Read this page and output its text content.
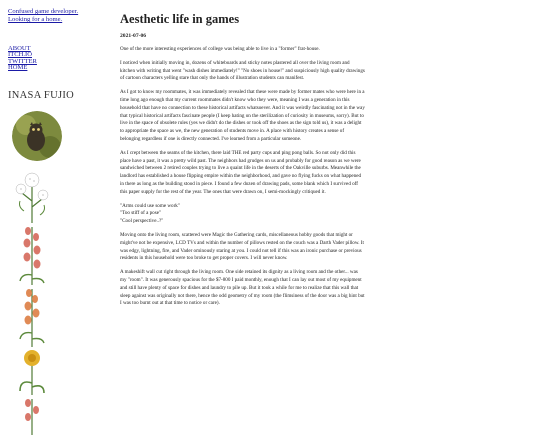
Confused game developer.
Looking for a home.
ABOUT
ITCH.IO
TWITTER
HOME
INASA FUJIO
Aesthetic life in games
2021-07-06

One of the more interesting experiences of college was being able to live in a "former" frat-house.

I noticed when initially moving in, dozens of whiteboards and sticky notes plastered all over the living room and kitchen with writing that went "wash dishes immediately!" "No shoes in house!" and suspiciously high quality drawings of cartoon characters yelling stare that only the hands of illustration students can manifest.

As I got to know my roommates, it was immediately revealed that these were made by former mates who were here in a time long ago enough that my current roommates didn't know who they were, meaning I was a generation in this household that have no connection to these historical artifacts whatsoever. And it was weirdly fascinating not in the way that typical historical artifacts fascinate people (I keep hating on the sterilization of curiosity in museums, sorry). But to live in the space of obsolete rules (yes we didn't do the dishes or took off the shoes as the sign told us), it was a delight to appropriate the space as we, the new generation of students move in. A place with history creates a sense of belonging regardless if one is directly connected. I've learned from a particular someone.

As I crept between the seams of the kitchen, there laid THE red party cups and ping pong balls. So not only did this place have a past, it was a pretty wild past. The neighbors had grudges on us and probably for good reason as we were sandwiched between 2 retired couples trying to live a quaint life in the deserts of the Oakville suburbs. Meanwhile the landlord has established a house flipping empire within the neighborhood, and gave no flying fucks on what happened in there as long as the building stood in piece. I found a few dozen of drawing pads, some blank which I survived off this paper supply for the rest of the year. The ones that were drawn on, I semi-mockingly critiqued it.

"Arms could use some work"
"Too stiff of a pose"
"Cool perspective..?"

Moving onto the living room, scattered were Magic the Gathering cards, miscellaneous hobby goods that might or might've not be expensive, LCD TVs and within the number of pillows rested on the couch was a Darth Vader pillow. It was edgy, lightning, fire, and Vader ominously staring at you. I could not tell if this was an ironic purchase or previous residents in this household were too broke to get proper covers. I will never know.

A makeshift wall cut right through the living room. One side retained its dignity as a living room and the other... was my "room". It was generously spacious for the $7-800 I paid monthly, enough that I can lay out most of my equipment and still have plenty of space for dishes and laundry to pile up. But it took a while for me to realize that this wall that sleep against was originally not there, hence the odd geometry of my room (the flimsiness of the door was a big hint but I was too burnt out at that time to notice or care).
